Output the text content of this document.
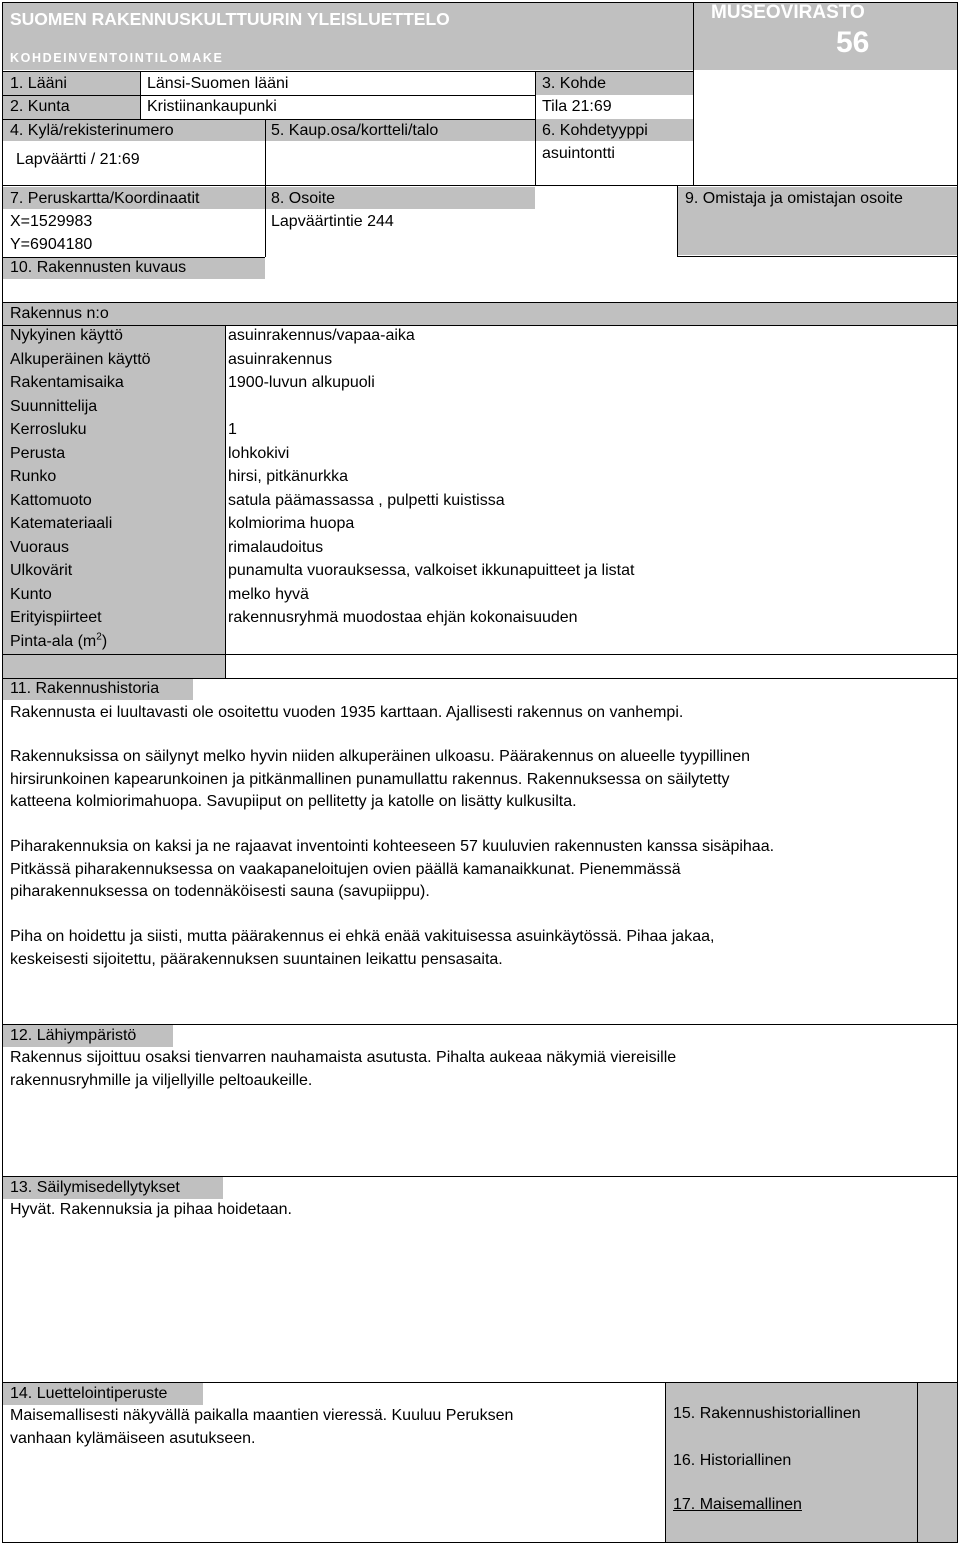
SUOMEN RAKENNUSKULTTUURIN YLEISLUETTELO
KOHDEINVENTOINTILOMAKE
MUSEOVIRASTO
56
1. Lääni	Länsi-Suomen lääni
2. Kunta	Kristiinankaupunki
3. Kohde
Tila 21:69
4. Kylä/rekisterinumero
Lapväärtti / 21:69
5. Kaup.osa/kortteli/talo	6. Kohdetyyppi
asuintontti
7. Peruskartta/Koordinaatit
X=1529983
Y=6904180
8. Osoite
Lapväärtintie 244
9. Omistaja ja omistajan osoite
10. Rakennusten kuvaus
Rakennus n:o
Nykyinen käyttö	asuinrakennus/vapaa-aika
Alkuperäinen käyttö	asuinrakennus
Rakentamisaika	1900-luvun alkupuoli
Suunnittelija
Kerrosluku	1
Perusta	lohkokivi
Runko	hirsi, pitkänurkka
Kattomuoto	satula päämassassa , pulpetti kuistissa
Katemateriaali	kolmiorima huopa
Vuoraus	rimalaudoitus
Ulkovärit	punamulta vuorauksessa, valkoiset ikkunapuitteet ja listat
Kunto	melko hyvä
Erityispiirteet	rakennusryhmä muodostaa ehjän kokonaisuuden
Pinta-ala $(m^2)$
11. Rakennushistoria
Rakennusta ei luultavasti ole osoitettu vuoden 1935 karttaan. Ajallisesti rakennus on vanhempi.
Rakennuksissa on säilynyt melko hyvin niiden alkuperäinen ulkoasu. Päärakennus on alueelle tyypillinen
hirsirunkoinen kapearunkoinen ja pitkänmallinen punamullattu rakennus. Rakennuksessa on säilytetty
katteena kolmiorimahuopa. Savupiiput on pellitetty ja katolle on lisätty kulkusilta.
Piharakennuksia on kaksi ja ne rajaavat inventointi kohteeseen 57 kuuluvien rakennusten kanssa sisäpihaa.
Pitkässä piharakennuksessa on vaakapaneloitujen ovien päällä kamanaikkunat. Pienemmässä
piharakennuksessa on todennäköisesti sauna (savupiippu).
Piha on hoidettu ja siisti, mutta päärakennus ei ehkä enää vakituisessa asuinkäytössä. Pihaa jakaa,
keskeisesti sijoitettu, päärakennuksen suuntainen leikattu pensasaita.
12. Lähiympäristö
Rakennus sijoittuu osaksi tienvarren nauhamaista asutusta. Pihalta aukeaa näkymiä viereisille
rakennusryhmille ja viljellyille peltoaukeille.
13. Säilymisedellytykset
Hyvät. Rakennuksia ja pihaa hoidetaan.
14. Luettelointiperuste
Maisemallisesti näkyvällä paikalla maantien vieressä. Kuuluu Peruksen
vanhaan kylämäiseen asutukseen.
15. Rakennushistoriallinen
16. Historiallinen
17. Maisemallinen
